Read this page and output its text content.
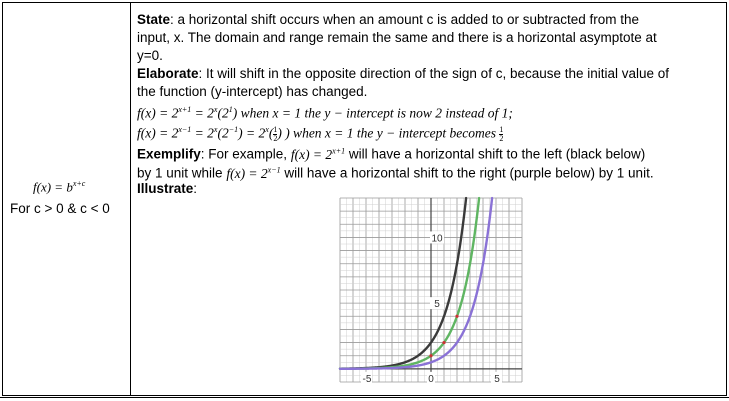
$f(x) = b^{x+c}$
For c > 0 & c < 0
State: a horizontal shift occurs when an amount c is added to or subtracted from the
input, x. The domain and range remain the same and there is a horizontal asymptote at
y=0.
Elaborate: It will shift in the opposite direction of the sign of c, because the initial value of
the function (y-intercept) has changed.
$f(x) = 2^{x+1} = 2^x(2^1)$ when x = 1 the y − intercept is now 2 instead of 1;
$f(x) = 2^{x-1} = 2^x(2^{-1}) = 2^x( \frac{1}{2}$ ) ) when x = 1 the y − intercept becomes $\frac{1}{2}$
Exemplify: For example, $f(x) = 2^{x+1}$ will have a horizontal shift to the left (black below)
by 1 unit while $f(x) = 2^{x-1}$ will have a horizontal shift to the right (purple below) by 1 unit.
Illustrate:
-5	0	5
10
5
